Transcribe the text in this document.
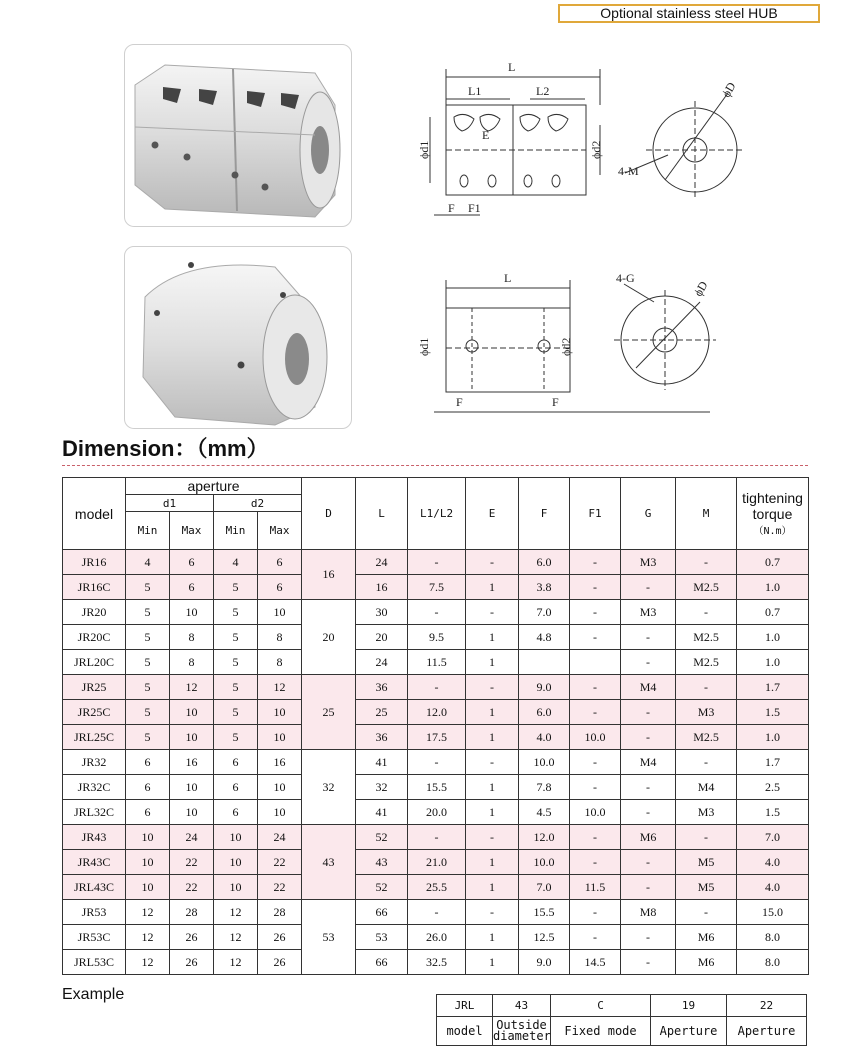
Optional stainless steel HUB
L
L1	L2
E
ϕd1	ϕd2
4-M
ϕD
F F1
L	4-G
ϕD
ϕd1	ϕd2
F	F
Dimension：（mm）
model	aperture				D	L	L1/L2	E	F	F1	G	M	tightening
torque
（N.m）

	d1		d2										
	Min	Max	Min	Max									
JR16	4	6	4	6	16	24	-	-	6.0	-	M3	-	0.7
JR16C	5	6	5	6		16	7.5	1	3.8	-	-	M2.5	1.0
JR20	5	10	5	10	20	30	-	-	7.0	-	M3	-	0.7
JR20C	5	8	5	8		20	9.5	1	4.8	-	-	M2.5	1.0
JRL20C	5	8	5	8		24	11.5	1			-	M2.5	1.0
JR25	5	12	5	12	25	36	-	-	9.0	-	M4	-	1.7
JR25C	5	10	5	10		25	12.0	1	6.0	-	-	M3	1.5
JRL25C	5	10	5	10		36	17.5	1	4.0	10.0	-	M2.5	1.0
JR32	6	16	6	16	32	41	-	-	10.0	-	M4	-	1.7
JR32C	6	10	6	10		32	15.5	1	7.8	-	-	M4	2.5
JRL32C	6	10	6	10		41	20.0	1	4.5	10.0	-	M3	1.5
JR43	10	24	10	24	43	52	-	-	12.0	-	M6	-	7.0
JR43C	10	22	10	22		43	21.0	1	10.0	-	-	M5	4.0
JRL43C	10	22	10	22		52	25.5	1	7.0	11.5	-	M5	4.0
JR53	12	28	12	28	53	66	-	-	15.5	-	M8	-	15.0
JR53C	12	26	12	26		53	26.0	1	12.5	-	-	M6	8.0
JRL53C	12	26	12	26		66	32.5	1	9.0	14.5	-	M6	8.0
Example
JRL	43	C	19	22
model	Outside
diameter	Fixed mode	Aperture	Aperture
